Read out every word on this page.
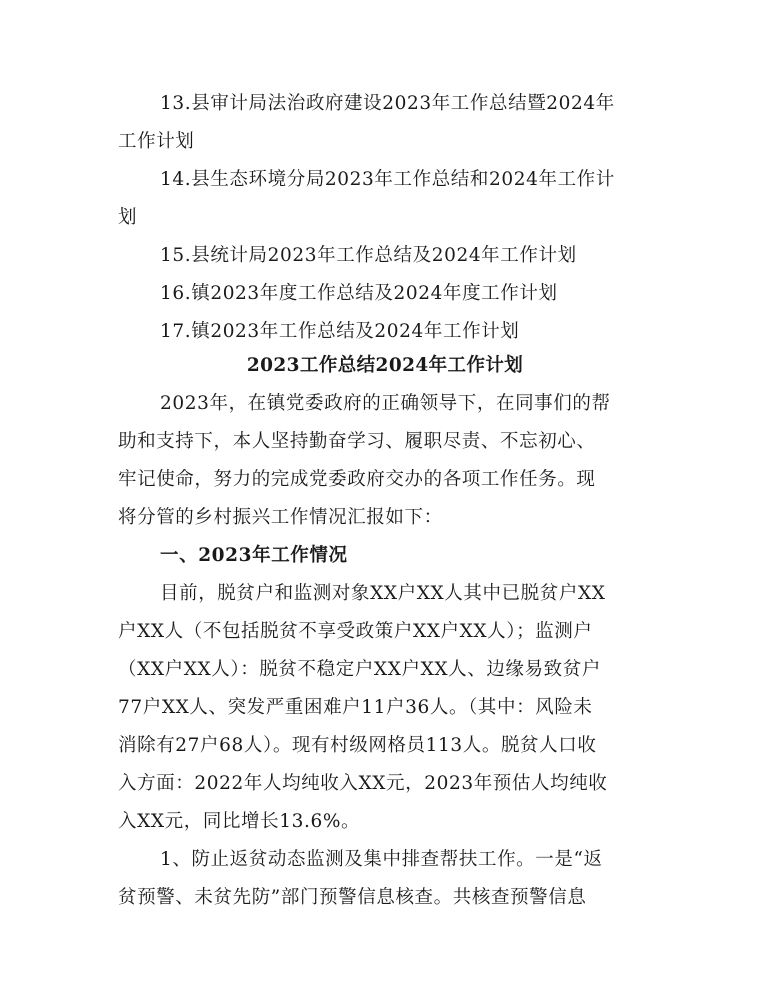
13.县审计局法治政府建设2023年工作总结暨2024年
工作计划
14.县生态环境分局2023年工作总结和2024年工作计
划
15.县统计局2023年工作总结及2024年工作计划
16.镇2023年度工作总结及2024年度工作计划
17.镇2023年工作总结及2024年工作计划
2023工作总结2024年工作计划
2023年，在镇党委政府的正确领导下，在同事们的帮
助和支持下，本人坚持勤奋学习、履职尽责、不忘初心、
牢记使命，努力的完成党委政府交办的各项工作任务。现
将分管的乡村振兴工作情况汇报如下：
一、2023年工作情况
目前，脱贫户和监测对象XX户XX人其中已脱贫户XX
户XX人（不包括脱贫不享受政策户XX户XX人）；监测户
（XX户XX人）：脱贫不稳定户XX户XX人、边缘易致贫户
77户XX人、突发严重困难户11户36人。（其中：风险未
消除有27户68人）。现有村级网格员113人。脱贫人口收
入方面：2022年人均纯收入XX元，2023年预估人均纯收
入XX元，同比增长13.6%。
1、防止返贫动态监测及集中排查帮扶工作。一是“返
贫预警、未贫先防”部门预警信息核查。共核查预警信息
